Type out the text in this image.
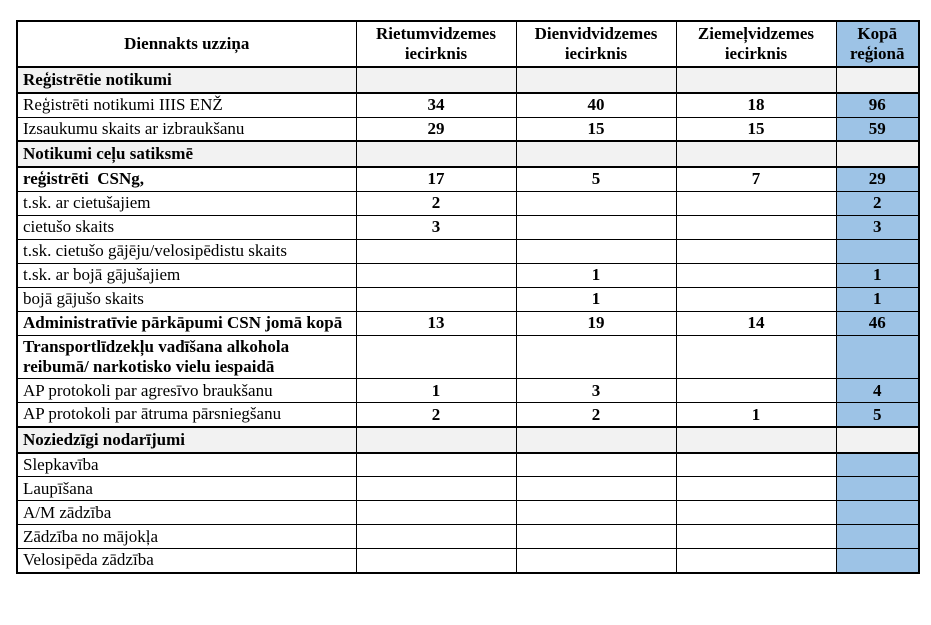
Diennakts uzziņa	Rietumvidzemes iecirknis	Dienvidvidzemes iecirknis	Ziemeļvidzemes iecirknis	Kopā reģionā
Reģistrētie notikumi				
Reģistrēti notikumi IIIS ENŽ	34	40	18	96
Izsaukumu skaits ar izbraukšanu	29	15	15	59
Notikumi ceļu satiksmē				
reģistrēti  CSNg,	17	5	7	29
t.sk. ar cietušajiem	2			2
cietušo skaits	3			3
t.sk. cietušo gājēju/velosipēdistu skaits				
t.sk. ar bojā gājušajiem		1		1
bojā gājušo skaits		1		1
Administratīvie pārkāpumi CSN jomā kopā	13	19	14	46
Transportlīdzekļu vadīšana alkohola reibumā/ narkotisko vielu iespaidā				
AP protokoli par agresīvo braukšanu	1	3		4
AP protokoli par ātruma pārsniegšanu	2	2	1	5
Noziedzīgi nodarījumi				
Slepkavība				
Laupīšana				
A/M zādzība				
Zādzība no mājokļa				
Velosipēda zādzība				
